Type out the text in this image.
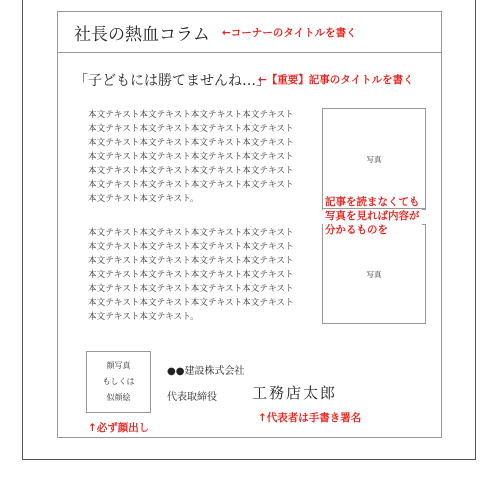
社長の熱血コラム ←コーナーのタイトルを書く
「子どもには勝てませんね…」
←【重要】記事のタイトルを書く

本文テキスト本文テキスト本文テキスト本文テキスト

本文テキスト本文テキスト本文テキスト本文テキスト

本文テキスト本文テキスト本文テキスト本文テキスト

本文テキスト本文テキスト本文テキスト本文テキスト

本文テキスト本文テキスト本文テキスト本文テキスト

本文テキスト本文テキスト本文テキスト本文テキスト

本文テキスト本文テキスト。

本文テキスト本文テキスト本文テキスト本文テキスト

本文テキスト本文テキスト本文テキスト本文テキスト

本文テキスト本文テキスト本文テキスト本文テキスト

本文テキスト本文テキスト本文テキスト本文テキスト

本文テキスト本文テキスト本文テキスト本文テキスト

本文テキスト本文テキスト本文テキスト本文テキスト

本文テキスト本文テキスト。

写真
写真
記事を読まなくても
写真を見れば内容が
分かるものを
顔写真
もしくは
似顔絵
●●建設株式会社
代表取締役 工務店太郎
↑必ず顔出し
↑代表者は手書き署名
